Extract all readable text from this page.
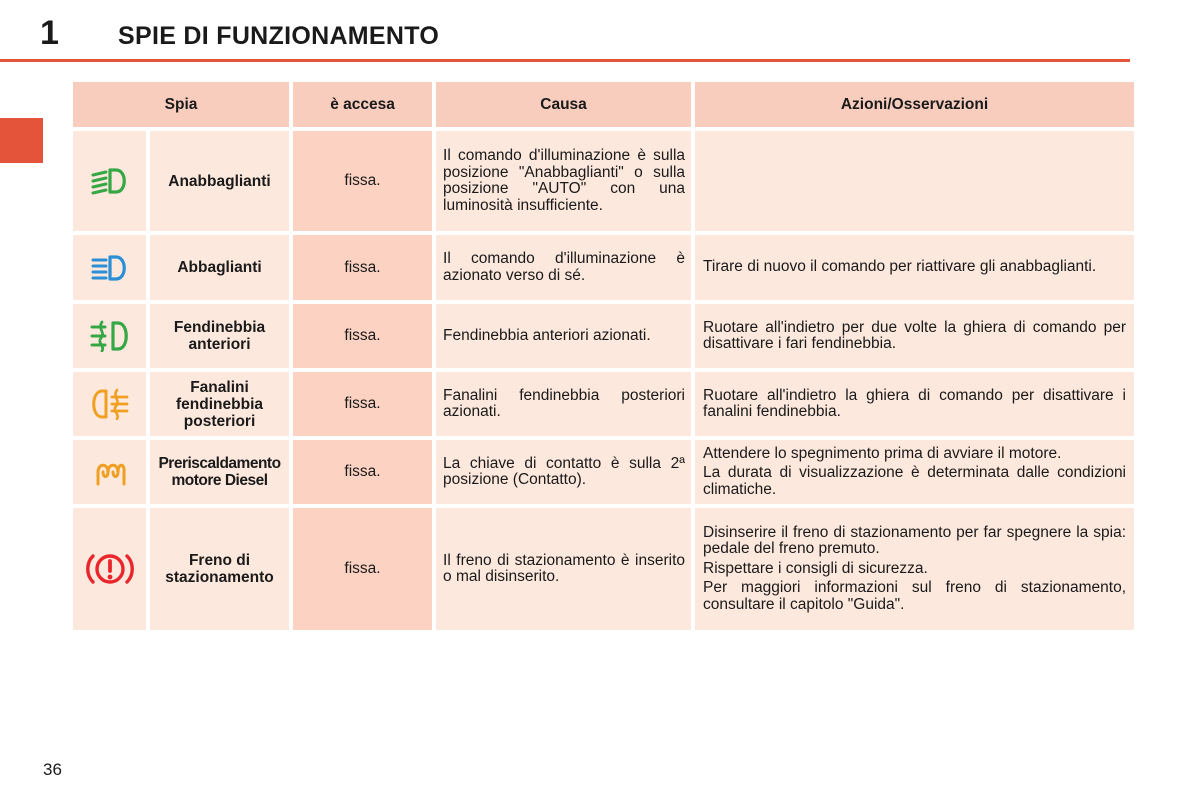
1 SPIE DI FUNZIONAMENTO
Spia		è accesa	Causa	Azioni/Osservazioni

	Anabbaglianti	fissa.	Il comando d'illuminazione è sulla posizione "Anabbaglianti" o sulla posizione "AUTO" con una luminosità insufficiente.	

	Abbaglianti	fissa.	Il comando d'illuminazione è azionato verso di sé.	Tirare di nuovo il comando per riattivare gli anabbaglianti.

	Fendinebbia anteriori	fissa.	Fendinebbia anteriori azionati.	Ruotare all'indietro per due volte la ghiera di comando per disattivare i fari fendinebbia.

	Fanalini fendinebbia posteriori	fissa.	Fanalini fendinebbia posteriori azionati.	Ruotare all'indietro la ghiera di comando per disattivare i fanalini fendinebbia.

	Preriscaldamento motore Diesel	fissa.	La chiave di contatto è sulla 2ª posizione (Contatto).	Attendere lo spegnimento prima di avviare il motore.

La durata di visualizzazione è determinata dalle condizioni climatiche.

	Freno di stazionamento	fissa.	Il freno di stazionamento è inserito o mal disinserito.	Disinserire il freno di stazionamento per far spegnere la spia: pedale del freno premuto.

Rispettare i consigli di sicurezza.

Per maggiori informazioni sul freno di stazionamento, consultare il capitolo "Guida".

36
